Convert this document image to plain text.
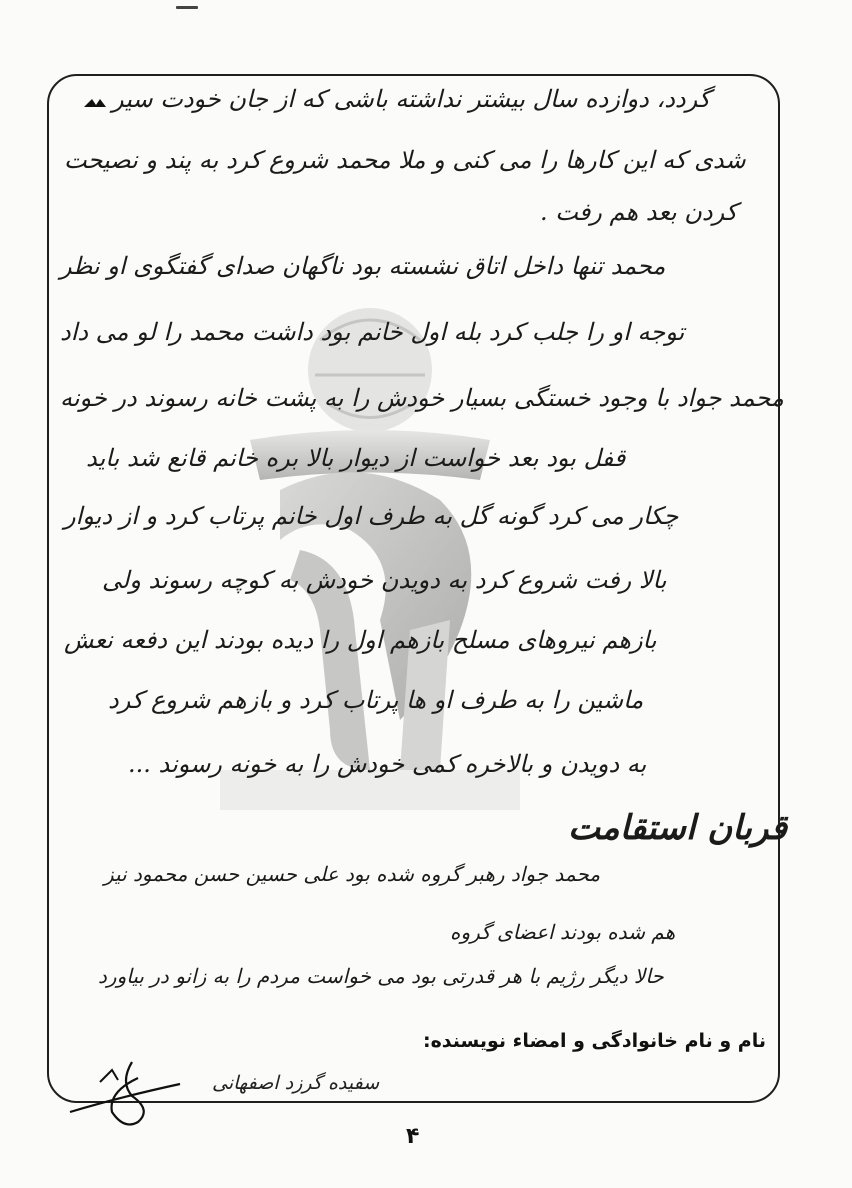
گردد، دوازده سال بیشتر نداشته باشی که از جان خودت سیر
شدی که این کارها را می کنی و ملا محمد شروع کرد به پند و نصیحت
کردن بعد هم رفت .
محمد تنها داخل اتاق نشسته بود ناگهان صدای گفتگوی او نظر
توجه او را جلب کرد بله اول خانم بود داشت محمد را لو می داد
محمد جواد با وجود خستگی بسیار خودش را به پشت خانه رسوند در خونه
قفل بود بعد خواست از دیوار بالا بره خانم قانع شد باید
چکار می کرد گونه گل به طرف اول خانم پرتاب کرد و از دیوار
بالا رفت شروع کرد به دویدن خودش به کوچه رسوند ولی
بازهم نیروهای مسلح بازهم اول را دیده بودند این دفعه نعش
ماشین را به طرف او ها پرتاب کرد و بازهم شروع کرد
به دویدن و بالاخره کمی خودش را به خونه رسوند ...
قربان استقامت
محمد جواد رهبر گروه شده بود علی حسین حسن محمود نیز
هم شده بودند اعضای گروه
حالا دیگر رژیم با هر قدرتی بود می خواست مردم را به زانو در بیاورد
نام و نام خانوادگی و امضاء نویسنده:
سفیده گرزد اصفهانی
۴
